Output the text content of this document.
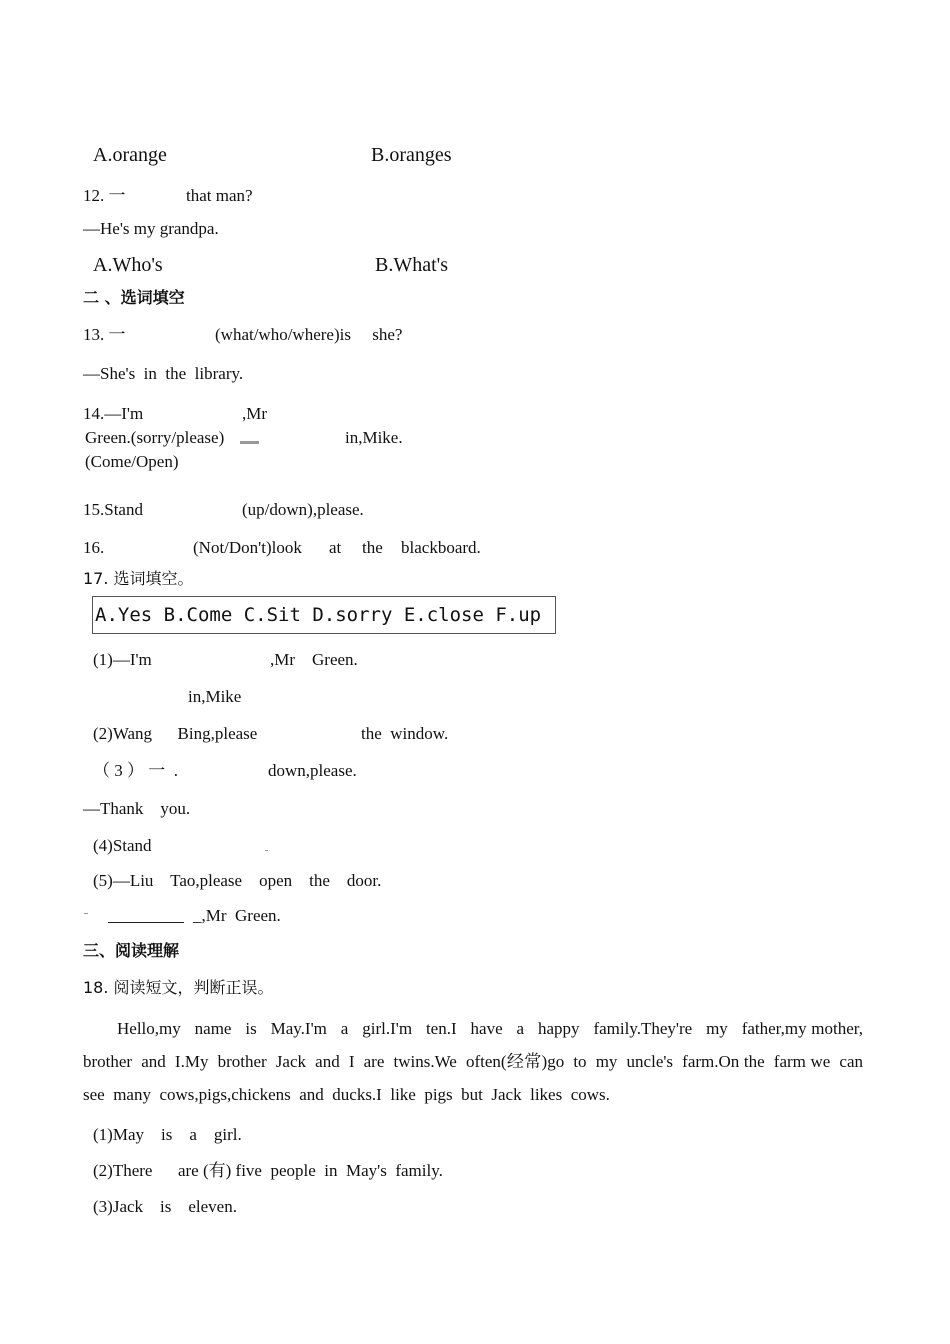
A.orange	B.oranges
12. 一	that man?
—He's my grandpa.
A.Who's	B.What's
二 、选词填空
13. 一	(what/who/where)is     she?
—She's  in  the  library.
14.—I'm	,Mr
Green.(sorry/please)	in,Mike.
(Come/Open)
15.Stand	(up/down),please.
16.	(Not/Don't)look at the blackboard.
17. 选词填空。
A.Yes B.Come C.Sit D.sorry E.close F.up
(1)—I'm	,Mr    Green.
in,Mike
(2)Wang      Bing,please	the  window.
（ 3 ） 一  .	down,please.
—Thank    you.
(4)Stand
(5)—Liu    Tao,please    open    the    door.
_,Mr  Green.
三、阅读理解
18. 阅读短文，判断正误。
Hello,my   name   is   May.I'm   a   girl.I'm   ten.I   have   a   happy   family.They're   my   father,my mother, brother  and  I.My  brother  Jack  and  I  are  twins.We  often(经常)go  to  my  uncle's  farm.On the  farm we  can  see  many  cows,pigs,chickens  and  ducks.I  like  pigs  but  Jack  likes  cows.
(1)May    is    a    girl.
(2)There      are (有) five  people  in  May's  family.
(3)Jack    is    eleven.
